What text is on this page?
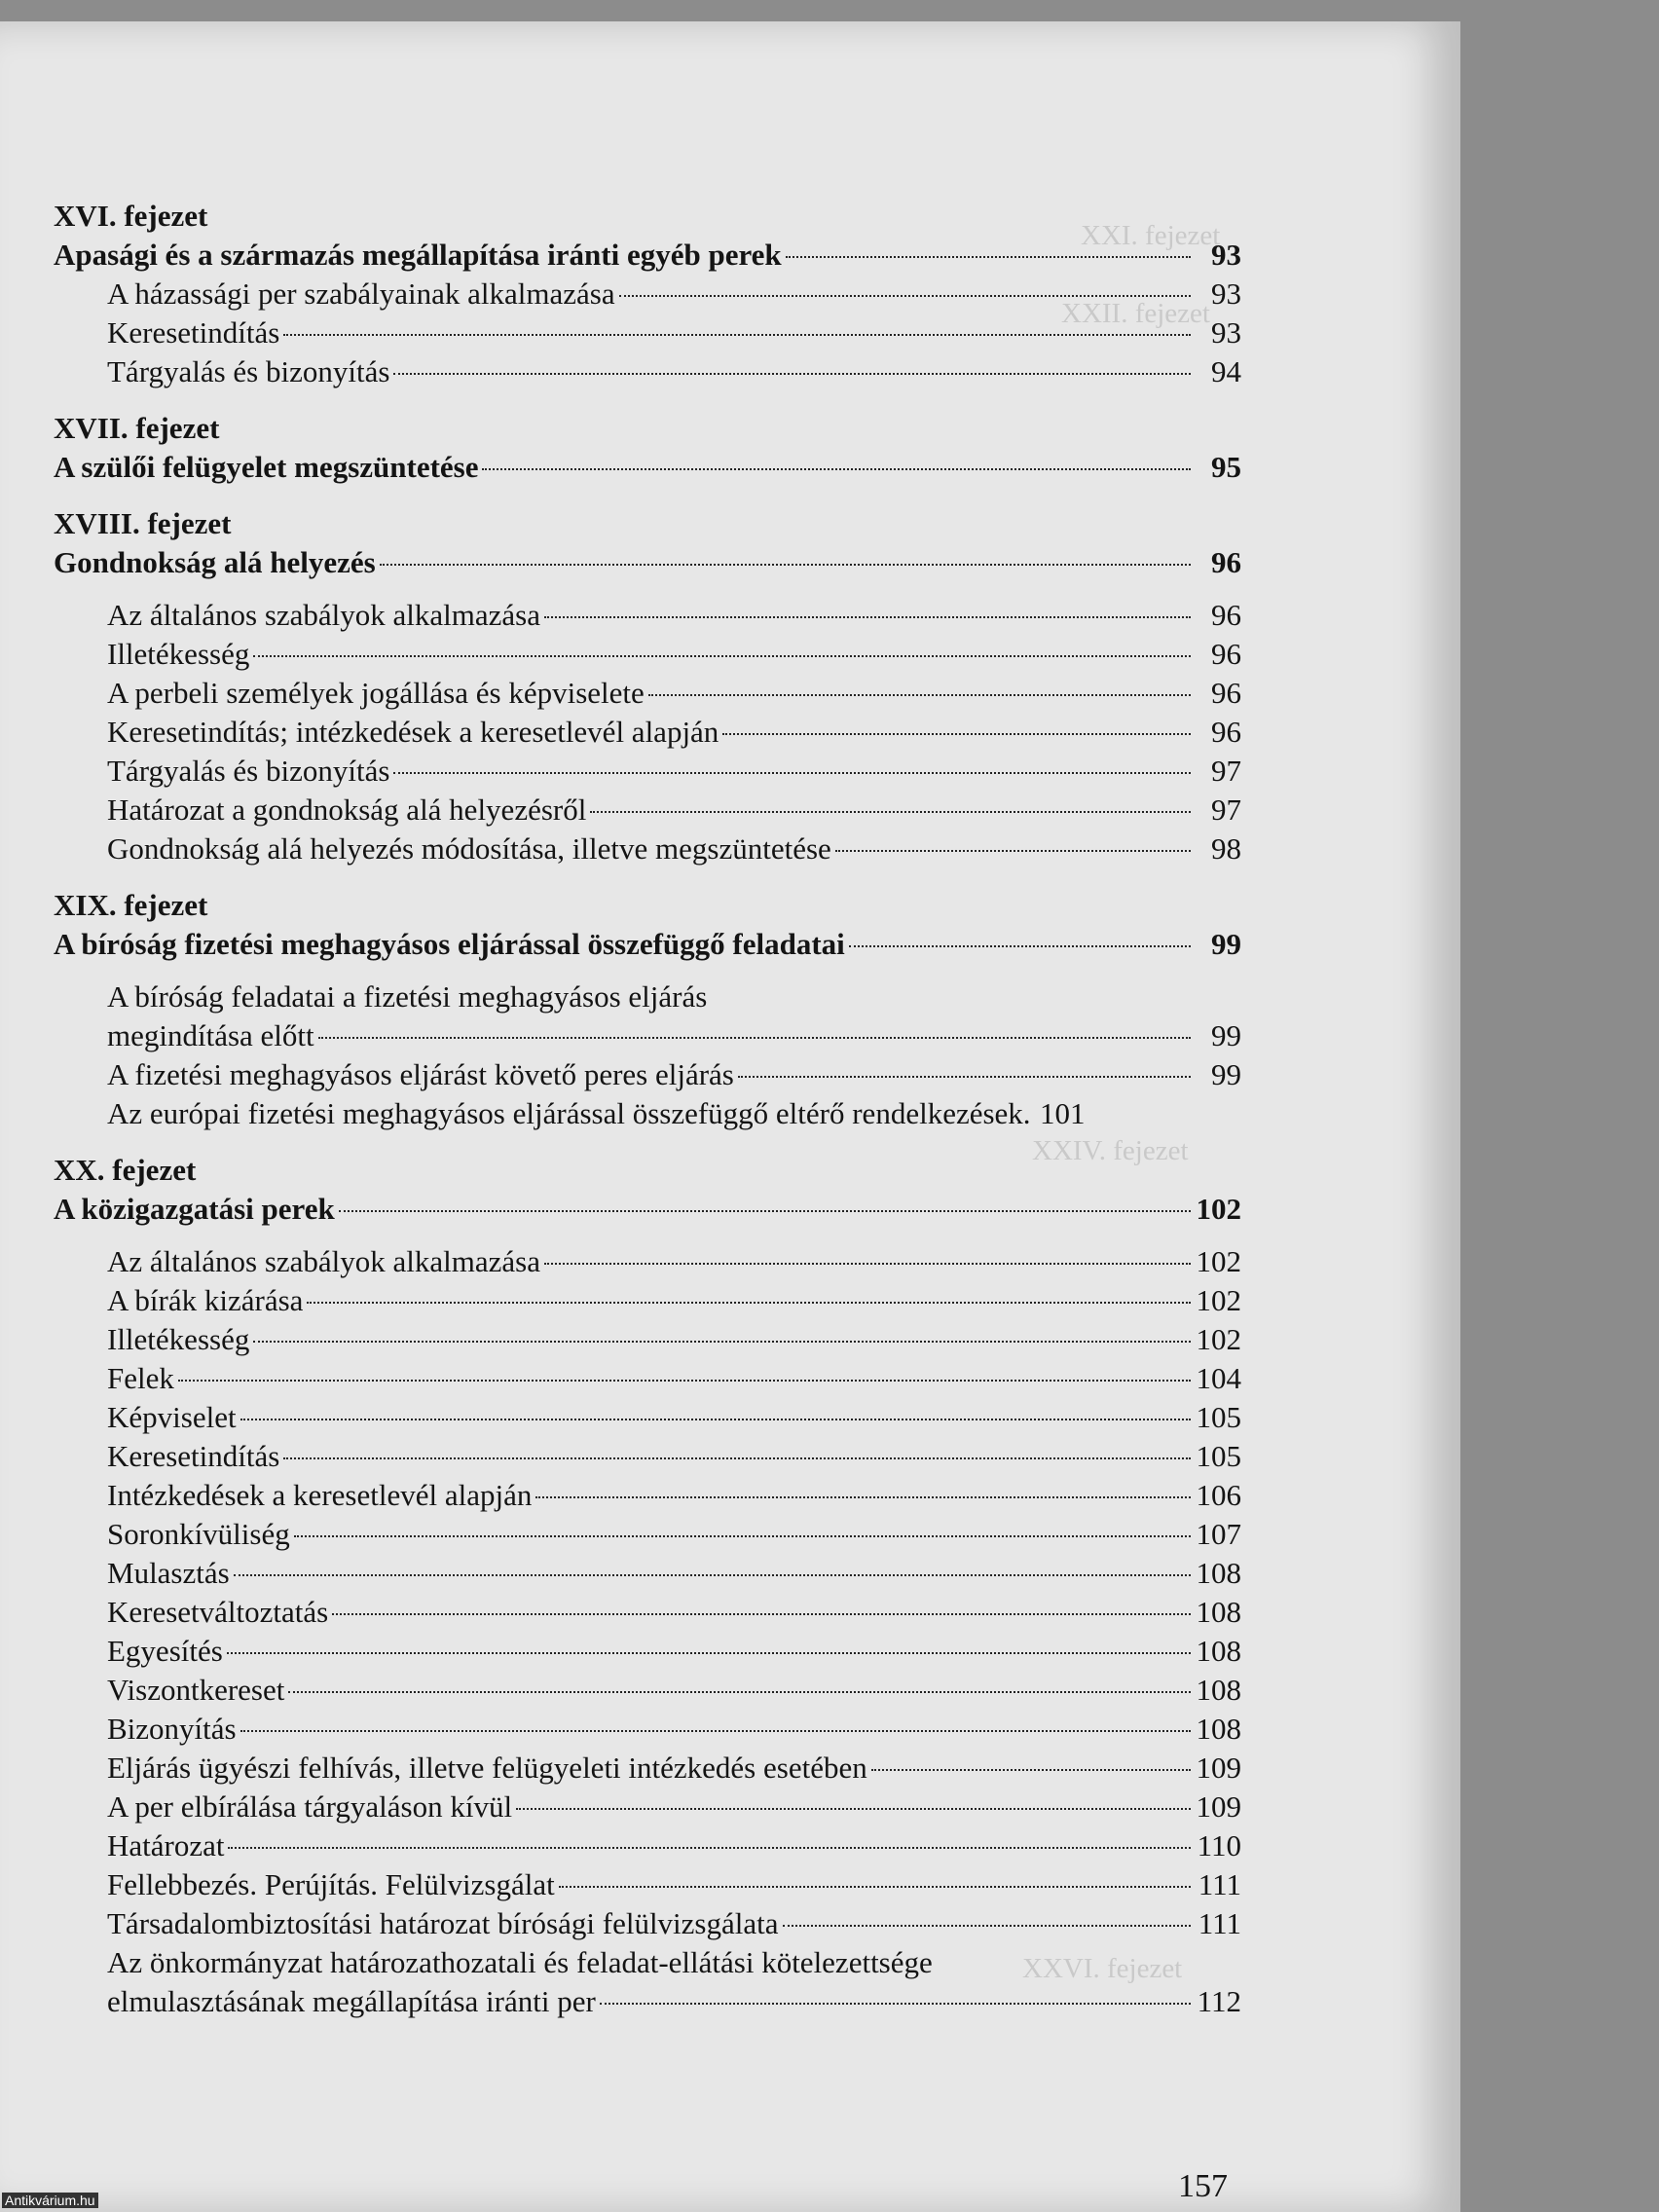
XXI. fejezet
XXII. fejezet
XXIV. fejezet
XXVI. fejezet
XVI. fejezet
Apasági és a származás megállapítása iránti egyéb perek	93
A házassági per szabályainak alkalmazása	93
Keresetindítás	93
Tárgyalás és bizonyítás	94
XVII. fejezet
A szülői felügyelet megszüntetése	95
XVIII. fejezet
Gondnokság alá helyezés	96
Az általános szabályok alkalmazása	96
Illetékesség	96
A perbeli személyek jogállása és képviselete	96
Keresetindítás; intézkedések a keresetlevél alapján	96
Tárgyalás és bizonyítás	97
Határozat a gondnokság alá helyezésről	97
Gondnokság alá helyezés módosítása, illetve megszüntetése	98
XIX. fejezet
A bíróság fizetési meghagyásos eljárással összefüggő feladatai	99
A bíróság feladatai a fizetési meghagyásos eljárás
megindítása előtt	99
A fizetési meghagyásos eljárást követő peres eljárás	99
Az európai fizetési meghagyásos eljárással összefüggő eltérő rendelkezések. 101
XX. fejezet
A közigazgatási perek	102
Az általános szabályok alkalmazása	102
A bírák kizárása	102
Illetékesség	102
Felek	104
Képviselet	105
Keresetindítás	105
Intézkedések a keresetlevél alapján	106
Soronkívüliség	107
Mulasztás	108
Keresetváltoztatás	108
Egyesítés	108
Viszontkereset	108
Bizonyítás	108
Eljárás ügyészi felhívás, illetve felügyeleti intézkedés esetében	109
A per elbírálása tárgyaláson kívül	109
Határozat	110
Fellebbezés. Perújítás. Felülvizsgálat	111
Társadalombiztosítási határozat bírósági felülvizsgálata	111
Az önkormányzat határozathozatali és feladat-ellátási kötelezettsége
elmulasztásának megállapítása iránti per	112
157
Antikvárium.hu
